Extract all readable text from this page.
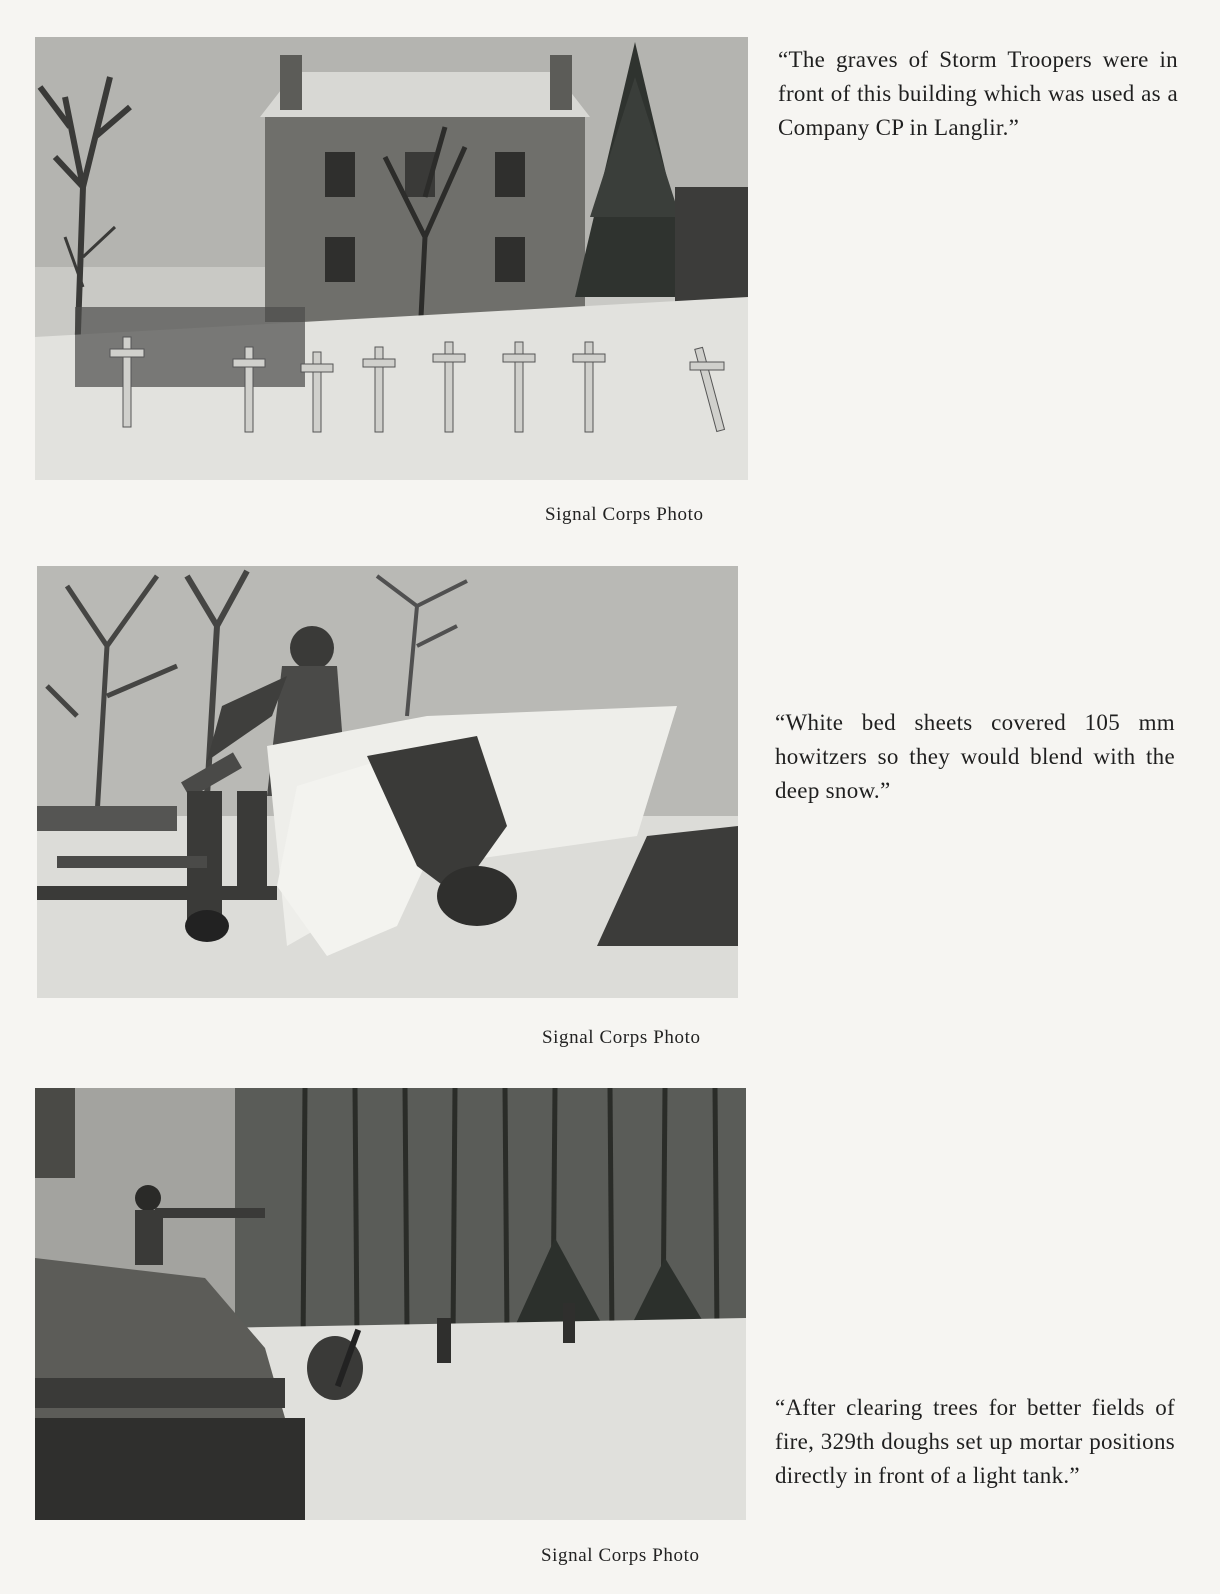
Signal Corps Photo
“The graves of Storm Troopers were in front of this building which was used as a Company CP in Langlir.”
Signal Corps Photo
“White bed sheets covered 105 mm howitzers so they would blend with the deep snow.”
Signal Corps Photo
“After clearing trees for better fields of fire, 329th doughs set up mortar positions directly in front of a light tank.”
